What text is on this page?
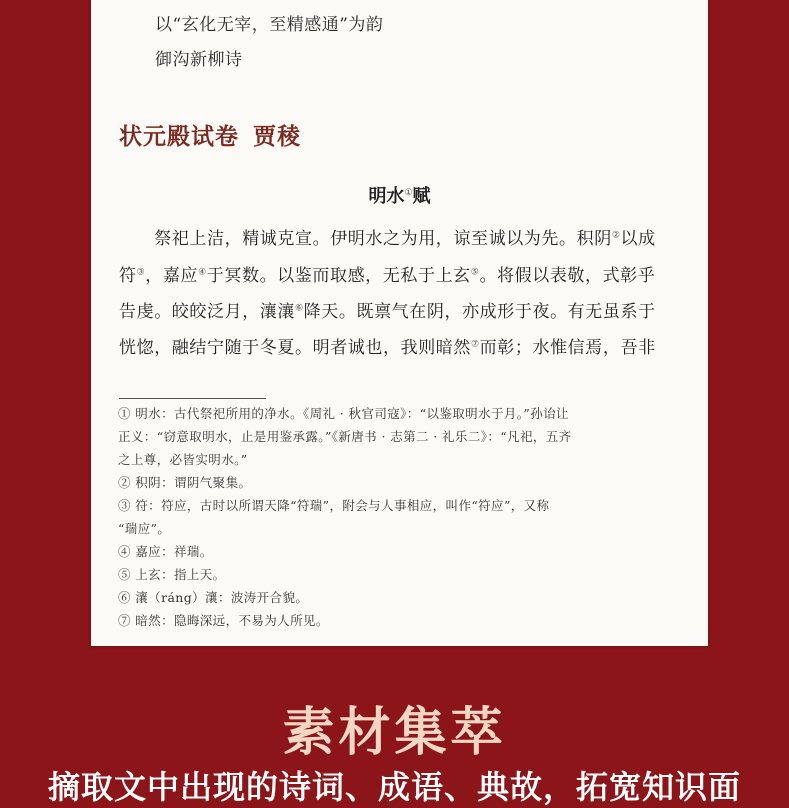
以“玄化无宰，至精感通”为韵
御沟新柳诗
状元殿试卷 贾稜
明水①赋
　　祭祀上洁，精诚克宣。伊明水之为用，谅至诚以为先。积阴②以成
符③，嘉应④于冥数。以鉴而取感，无私于上玄⑤。将假以表敬，式彰乎
告虔。皎皎泛月，瀼瀼⑥降天。既禀气在阴，亦成形于夜。有无虽系于
恍惚，融结宁随于冬夏。明者诚也，我则暗然⑦而彰；水惟信焉，吾非
① 明水：古代祭祀所用的净水。《周礼 · 秋官司寇》：“以鉴取明水于月。”孙诒让
正义：“窃意取明水，止是用鉴承露。”《新唐书 · 志第二 · 礼乐二》：“凡祀，五齐
之上尊，必皆实明水。”
② 积阴：谓阴气聚集。
③ 符：符应，古时以所谓天降“符瑞”，附会与人事相应，叫作“符应”，又称
“瑞应”。
④ 嘉应：祥瑞。
⑤ 上玄：指上天。
⑥ 瀼（ráng）瀼：波涛开合貌。
⑦ 暗然：隐晦深远，不易为人所见。
素材集萃
摘取文中出现的诗词、成语、典故，拓宽知识面
